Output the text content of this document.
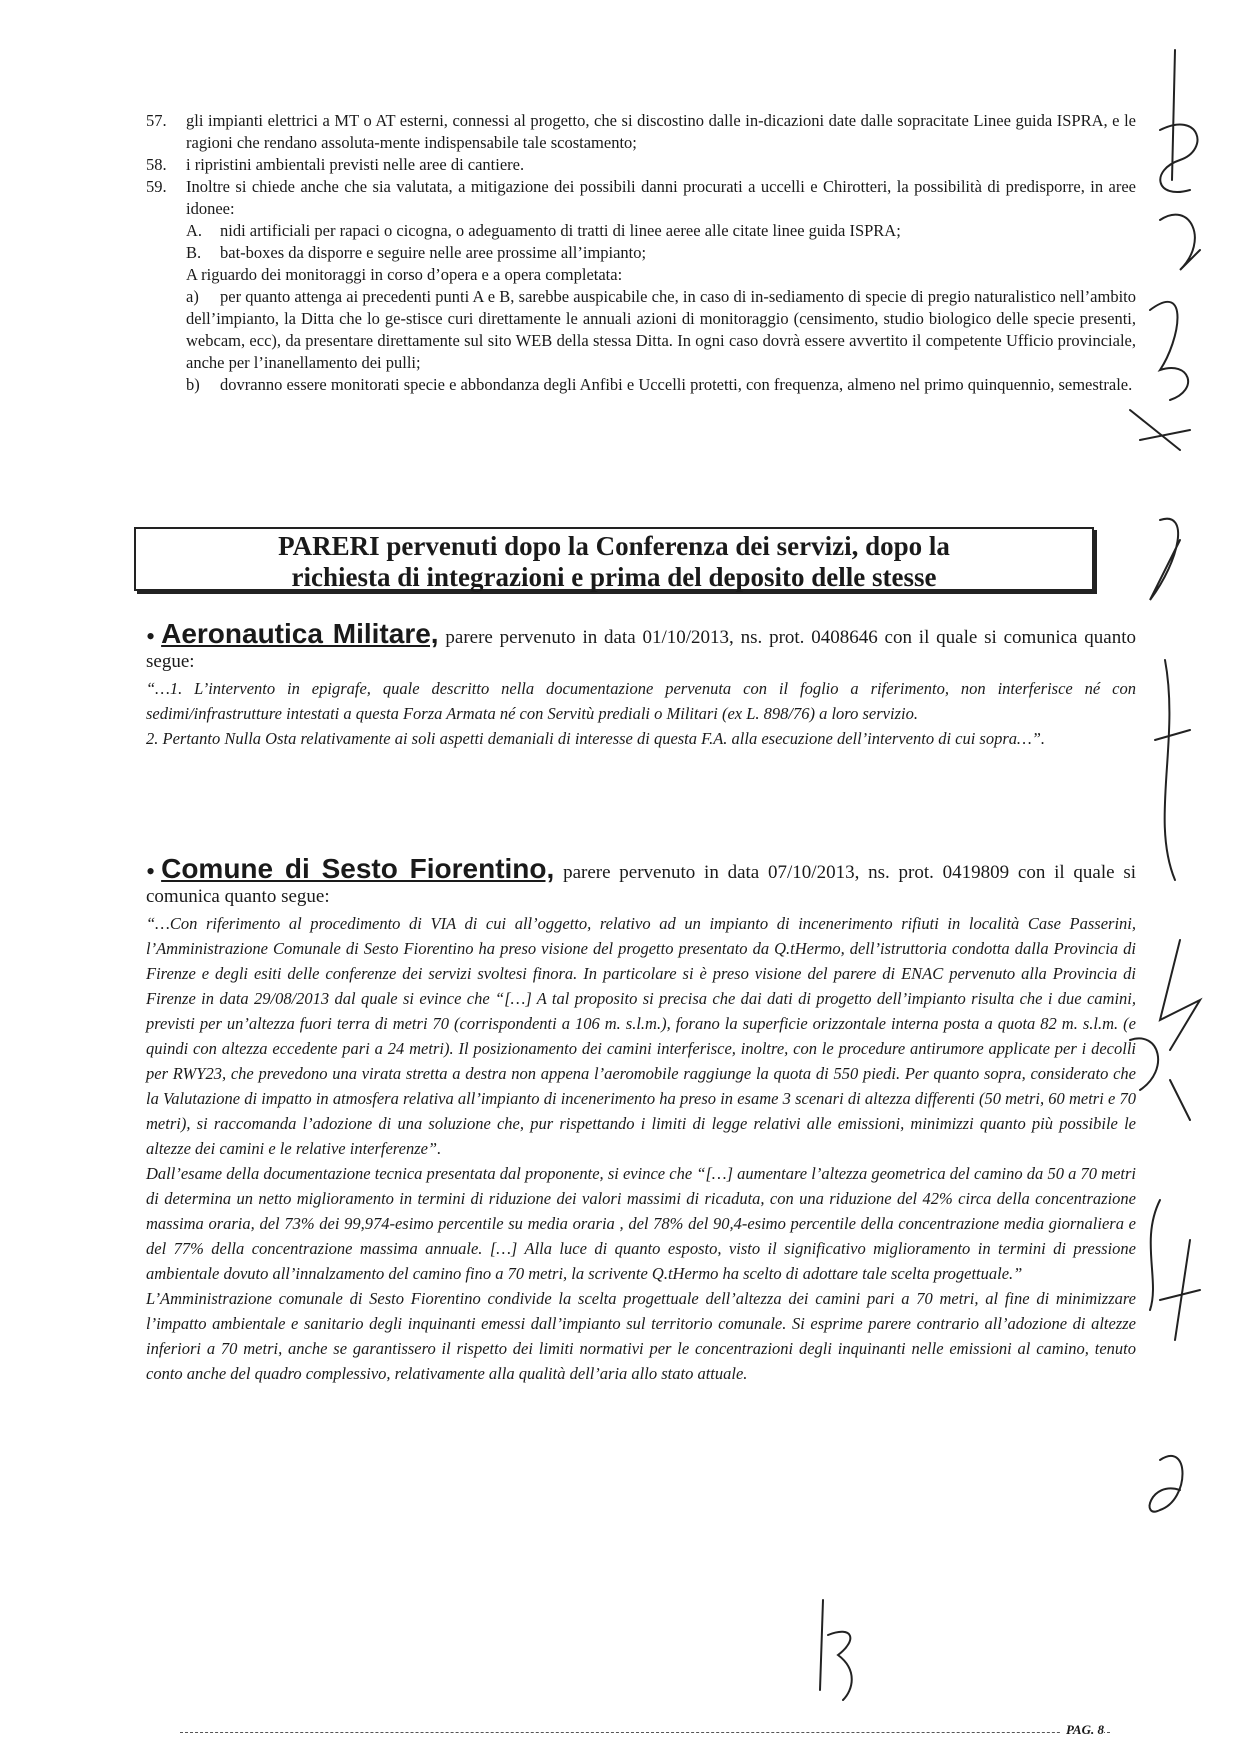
57.	gli impianti elettrici a MT o AT esterni, connessi al progetto, che si discostino dalle in-dicazioni date dalle sopracitate Linee guida ISPRA, e le ragioni che rendano assoluta-mente indispensabile tale scostamento;
58.	i ripristini ambientali previsti nelle aree di cantiere.
59.	Inoltre si chiede anche che sia valutata, a mitigazione dei possibili danni procurati a uccelli e Chirotteri, la possibilità di predisporre, in aree idonee:
A. nidi artificiali per rapaci o cicogna, o adeguamento di tratti di linee aeree alle citate linee guida ISPRA;
B. bat-boxes da disporre e seguire nelle aree prossime all’impianto;
A riguardo dei monitoraggi in corso d’opera e a opera completata:
a) per quanto attenga ai precedenti punti A e B, sarebbe auspicabile che, in caso di in-sediamento di specie di pregio naturalistico nell’ambito dell’impianto, la Ditta che lo ge-stisce curi direttamente le annuali azioni di monitoraggio (censimento, studio biologico delle specie presenti, webcam, ecc), da presentare direttamente sul sito WEB della stessa Ditta. In ogni caso dovrà essere avvertito il competente Ufficio provinciale, anche per l’inanellamento dei pulli;
b) dovranno essere monitorati specie e abbondanza degli Anfibi e Uccelli protetti, con frequenza, almeno nel primo quinquennio, semestrale.
PARERI pervenuti dopo la Conferenza dei servizi, dopo la
richiesta di integrazioni e prima del deposito delle stesse
• Aeronautica Militare, parere pervenuto in data 01/10/2013, ns. prot. 0408646 con il quale si comunica quanto segue:
“…1. L’intervento in epigrafe, quale descritto nella documentazione pervenuta con il foglio a riferimento, non interferisce né con sedimi/infrastrutture intestati a questa Forza Armata né con Servitù prediali o Militari (ex L. 898/76) a loro servizio.
2. Pertanto Nulla Osta relativamente ai soli aspetti demaniali di interesse di questa F.A. alla esecuzione dell’intervento di cui sopra…”.
• Comune di Sesto Fiorentino, parere pervenuto in data 07/10/2013, ns. prot. 0419809 con il quale si comunica quanto segue:
“…Con riferimento al procedimento di VIA di cui all’oggetto, relativo ad un impianto di incenerimento rifiuti in località Case Passerini, l’Amministrazione Comunale di Sesto Fiorentino ha preso visione del progetto presentato da Q.tHermo, dell’istruttoria condotta dalla Provincia di Firenze e degli esiti delle conferenze dei servizi svoltesi finora. In particolare si è preso visione del parere di ENAC pervenuto alla Provincia di Firenze in data 29/08/2013 dal quale si evince che “[…] A tal proposito si precisa che dai dati di progetto dell’impianto risulta che i due camini, previsti per un’altezza fuori terra di metri 70 (corrispondenti a 106 m. s.l.m.), forano la superficie orizzontale interna posta a quota 82 m. s.l.m. (e quindi con altezza eccedente pari a 24 metri). Il posizionamento dei camini interferisce, inoltre, con le procedure antirumore applicate per i decolli per RWY23, che prevedono una virata stretta a destra non appena l’aeromobile raggiunge la quota di 550 piedi. Per quanto sopra, considerato che la Valutazione di impatto in atmosfera relativa all’impianto di incenerimento ha preso in esame 3 scenari di altezza differenti (50 metri, 60 metri e 70 metri), si raccomanda l’adozione di una soluzione che, pur rispettando i limiti di legge relativi alle emissioni, minimizzi quanto più possibile le altezze dei camini e le relative interferenze”.
Dall’esame della documentazione tecnica presentata dal proponente, si evince che “[…] aumentare l’altezza geometrica del camino da 50 a 70 metri di determina un netto miglioramento in termini di riduzione dei valori massimi di ricaduta, con una riduzione del 42% circa della concentrazione massima oraria, del 73% dei 99,974-esimo percentile su media oraria , del 78% del 90,4-esimo percentile della concentrazione media giornaliera e del 77% della concentrazione massima annuale. […] Alla luce di quanto esposto, visto il significativo miglioramento in termini di pressione ambientale dovuto all’innalzamento del camino fino a 70 metri, la scrivente Q.tHermo ha scelto di adottare tale scelta progettuale.”
L’Amministrazione comunale di Sesto Fiorentino condivide la scelta progettuale dell’altezza dei camini pari a 70 metri, al fine di minimizzare l’impatto ambientale e sanitario degli inquinanti emessi dall’impianto sul territorio comunale. Si esprime parere contrario all’adozione di altezze inferiori a 70 metri, anche se garantissero il rispetto dei limiti normativi per le concentrazioni degli inquinanti nelle emissioni al camino, tenuto conto anche del quadro complessivo, relativamente alla qualità dell’aria allo stato attuale.
PAG. 8
